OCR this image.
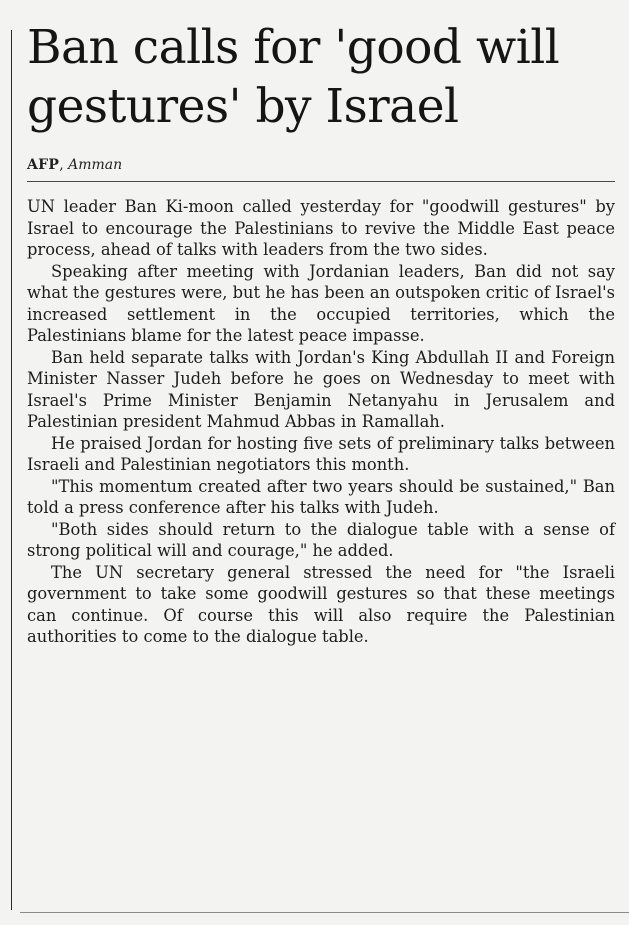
Ban calls for 'good will gestures' by Israel
AFP, Amman

UN leader Ban Ki-moon called yesterday for "goodwill gestures" by Israel to encourage the Palestinians to revive the Middle East peace process, ahead of talks with leaders from the two sides.

Speaking after meeting with Jordanian leaders, Ban did not say what the gestures were, but he has been an outspoken critic of Israel's increased settlement in the occupied territories, which the Palestinians blame for the latest peace impasse.

Ban held separate talks with Jordan's King Abdullah II and Foreign Minister Nasser Judeh before he goes on Wednesday to meet with Israel's Prime Minister Benjamin Netanyahu in Jerusalem and Palestinian president Mahmud Abbas in Ramallah.

He praised Jordan for hosting five sets of preliminary talks between Israeli and Palestinian negotiators this month.

"This momentum created after two years should be sustained," Ban told a press conference after his talks with Judeh.

"Both sides should return to the dialogue table with a sense of strong political will and courage," he added.

The UN secretary general stressed the need for "the Israeli government to take some goodwill gestures so that these meetings can continue. Of course this will also require the Palestinian authorities to come to the dialogue table.
